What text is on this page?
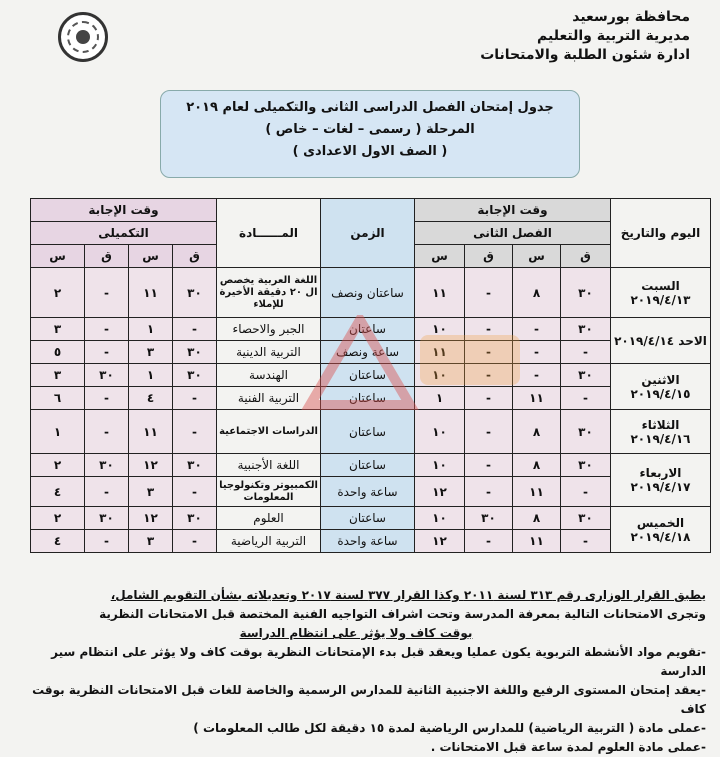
محافظة بورسعيد
مديرية التربية والتعليم
ادارة شئون الطلبة والامتحانات
جدول إمتحان الفصل الدراسى الثانى والتكميلى لعام ٢٠١٩
المرحلة ( رسمى – لغات – خاص )
( الصف الاول الاعدادى )
اليوم والتاريخ	وقت الإجابة				الزمن	المــــــادة	وقت الإجابة			
	الفصل الثانى						التكميلى			
	ق	س	ق	س			ق	س	ق	س
السبت ٢٠١٩/٤/١٣	٣٠	٨	-	١١	ساعتان ونصف	اللغة العربية يخصص ال ٢٠ دقيقة الأخيرة للإملاء	٣٠	١١	-	٢
الاحد ٢٠١٩/٤/١٤	٣٠	-	-	١٠	ساعتان	الجبر والاحصاء	-	١	-	٣
	-	-	-	١١	ساعة ونصف	التربية الدينية	٣٠	٣	-	٥
الاثنين ٢٠١٩/٤/١٥	٣٠	-	-	١٠	ساعتان	الهندسة	٣٠	١	٣٠	٣
	-	١١	-	١	ساعتان	التربية الفنية	-	٤	-	٦
الثلاثاء ٢٠١٩/٤/١٦	٣٠	٨	-	١٠	ساعتان	الدراسات الاجتماعية	-	١١	-	١
الاربعاء ٢٠١٩/٤/١٧	٣٠	٨	-	١٠	ساعتان	اللغة الأجنبية	٣٠	١٢	٣٠	٢
	-	١١	-	١٢	ساعة واحدة	الكمبيوتر وتكنولوجيا المعلومات	-	٣	-	٤
الخميس ٢٠١٩/٤/١٨	٣٠	٨	٣٠	١٠	ساعتان	العلوم	٣٠	١٢	٣٠	٢
	-	١١	-	١٢	ساعة واحدة	التربية الرياضية	-	٣	-	٤
يطبق القرار الوزارى رقم ٣١٣ لسنة ٢٠١١ وكذا القرار ٣٧٧ لسنة ٢٠١٧ وتعديلاته بشأن التقويم الشامل،
وتجرى الامتحانات التالية بمعرفة المدرسة وتحت اشراف التواجيه الفنية المختصة قبل الامتحانات النظرية
بوقت كاف ولا يؤثر على انتظام الدراسة
-تقويم مواد الأنشطة التربوية يكون عمليا ويعقد قبل بدء الإمتحانات النظرية بوقت كاف ولا يؤثر على انتظام سير الدارسة
-يعقد إمتحان المستوى الرفيع واللغة الاجنبية الثانية للمدارس الرسمية والخاصة للغات قبل الامتحانات النظرية بوقت كاف
-عملى مادة ( التربية الرياضية) للمدارس الرياضية لمدة ١٥ دقيقة لكل طالب المعلومات )
-عملى مادة العلوم لمدة ساعة قبل الامتحانات .
